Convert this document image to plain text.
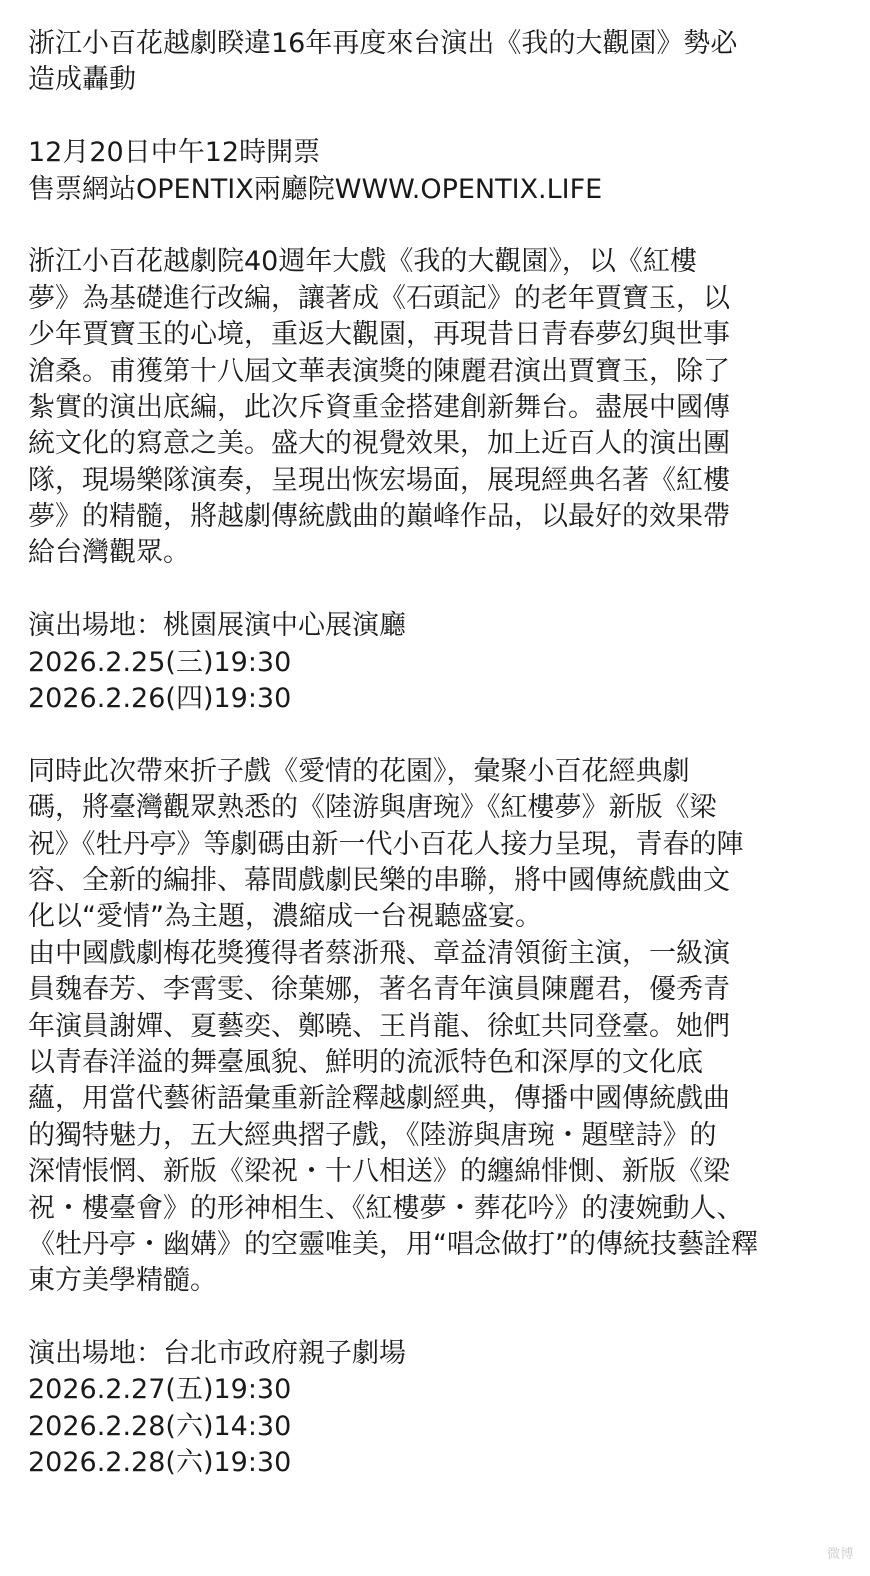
浙江小百花越劇睽違16年再度來台演出《我的大觀園》勢必
造成轟動
12月20日中午12時開票
售票網站OPENTIX兩廳院WWW.OPENTIX.LIFE
浙江小百花越劇院40週年大戲《我的大觀園》，以《紅樓
夢》為基礎進行改編，讓著成《石頭記》的老年賈寶玉，以
少年賈寶玉的心境，重返大觀園，再現昔日青春夢幻與世事
滄桑。甫獲第十八屆文華表演獎的陳麗君演出賈寶玉，除了
紮實的演出底編，此次斥資重金搭建創新舞台。盡展中國傳
統文化的寫意之美。盛大的視覺效果，加上近百人的演出團
隊，現場樂隊演奏，呈現出恢宏場面，展現經典名著《紅樓
夢》的精髓，將越劇傳統戲曲的巔峰作品，以最好的效果帶
給台灣觀眾。
演出場地：桃園展演中心展演廳
2026.2.25(三)19:30
2026.2.26(四)19:30
同時此次帶來折子戲《愛情的花園》，彙聚小百花經典劇
碼，將臺灣觀眾熟悉的《陸游與唐琬》《紅樓夢》新版《梁
祝》《牡丹亭》等劇碼由新一代小百花人接力呈現，青春的陣
容、全新的編排、幕間戲劇民樂的串聯，將中國傳統戲曲文
化以“愛情”為主題，濃縮成一台視聽盛宴。
由中國戲劇梅花獎獲得者蔡浙飛、章益清領銜主演，一級演
員魏春芳、李霄雯、徐葉娜，著名青年演員陳麗君，優秀青
年演員謝嬋、夏藝奕、鄭曉、王肖龍、徐虹共同登臺。她們
以青春洋溢的舞臺風貌、鮮明的流派特色和深厚的文化底
蘊，用當代藝術語彙重新詮釋越劇經典，傳播中國傳統戲曲
的獨特魅力，五大經典摺子戲，《陸游與唐琬・題壁詩》的
深情悵惘、新版《梁祝・十八相送》的纏綿悱惻、新版《梁
祝・樓臺會》的形神相生、《紅樓夢・葬花吟》的淒婉動人、
《牡丹亭・幽媾》的空靈唯美，用“唱念做打”的傳統技藝詮釋
東方美學精髓。
演出場地：台北市政府親子劇場
2026.2.27(五)19:30
2026.2.28(六)14:30
2026.2.28(六)19:30
微博
